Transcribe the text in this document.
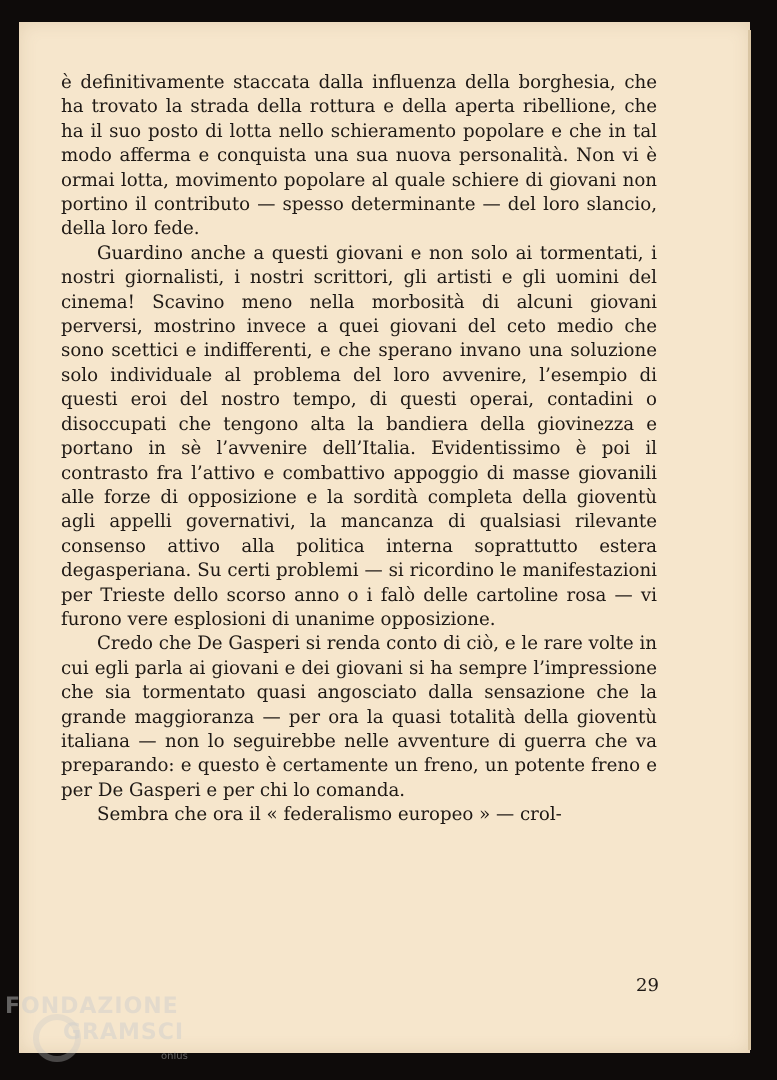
è definitivamente staccata dalla influenza della borghesia, che ha trovato la strada della rottura e della aperta ribellione, che ha il suo posto di lotta nello schieramento popolare e che in tal modo afferma e conquista una sua nuova personalità. Non vi è ormai lotta, movimento popolare al quale schiere di giovani non portino il contributo — spesso determinante — del loro slancio, della loro fede.

Guardino anche a questi giovani e non solo ai tormentati, i nostri giornalisti, i nostri scrittori, gli artisti e gli uomini del cinema! Scavino meno nella morbosità di alcuni giovani perversi, mostrino invece a quei giovani del ceto medio che sono scettici e indifferenti, e che sperano invano una soluzione solo individuale al problema del loro avvenire, l’esempio di questi eroi del nostro tempo, di questi operai, contadini o disoccupati che tengono alta la bandiera della giovinezza e portano in sè l’avvenire dell’Italia. Evidentissimo è poi il contrasto fra l’attivo e combattivo appoggio di masse giovanili alle forze di opposizione e la sordità completa della gioventù agli appelli governativi, la mancanza di qualsiasi rilevante consenso attivo alla politica interna soprattutto estera degasperiana. Su certi problemi — si ricordino le manifestazioni per Trieste dello scorso anno o i falò delle cartoline rosa — vi furono vere esplosioni di unanime opposizione.

Credo che De Gasperi si renda conto di ciò, e le rare volte in cui egli parla ai giovani e dei giovani si ha sempre l’impressione che sia tormentato quasi angosciato dalla sensazione che la grande maggioranza — per ora la quasi totalità della gioventù italiana — non lo seguirebbe nelle avventure di guerra che va preparando: e questo è certamente un freno, un potente freno e per De Gasperi e per chi lo comanda.

Sembra che ora il « federalismo europeo » — crol-

29
FONDAZIONE
GRAMSCI
onlus
